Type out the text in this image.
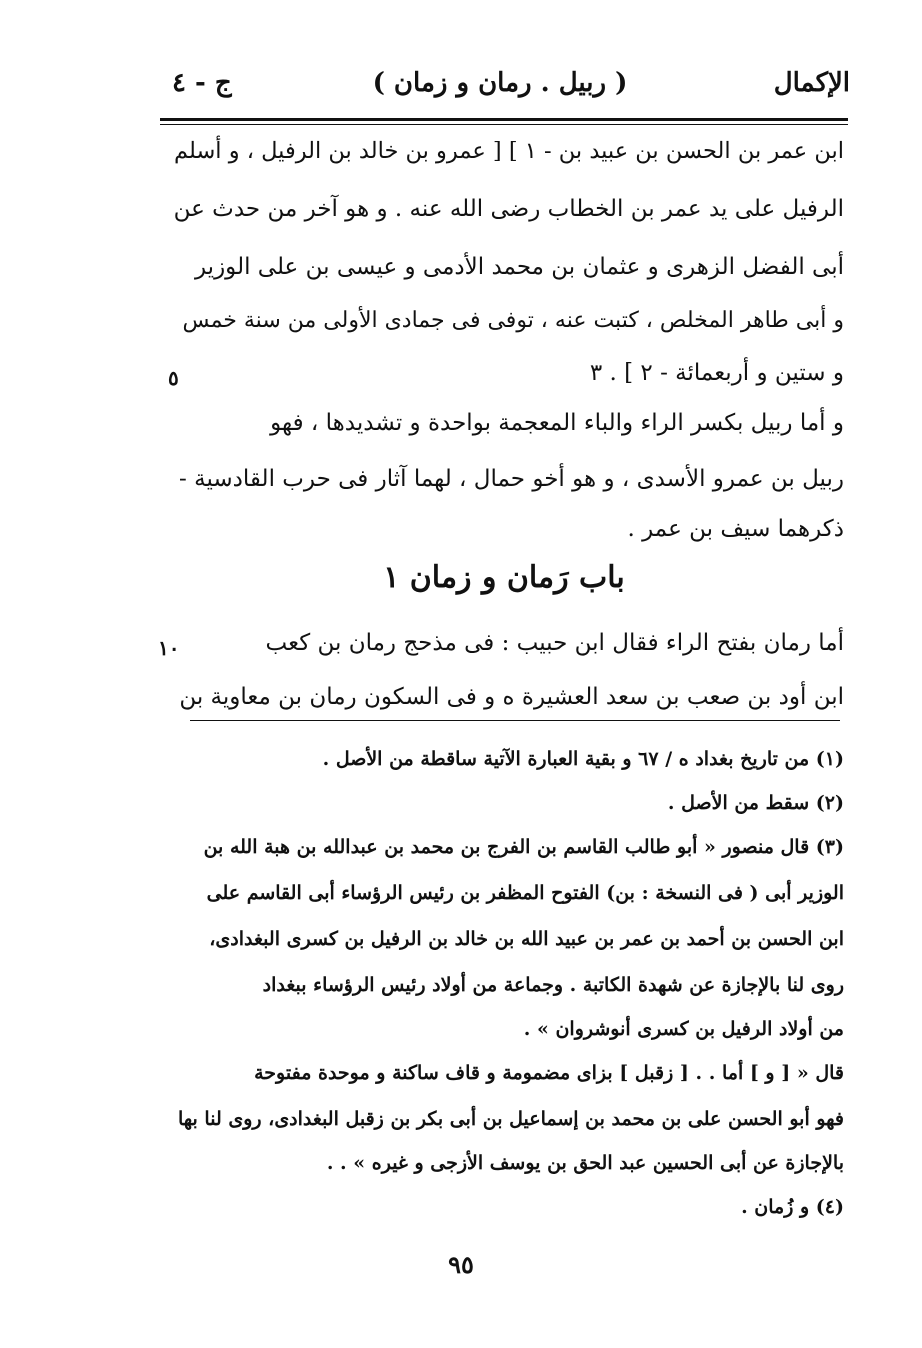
الإكمال
( ربيل . رمان و زمان )
ج - ٤
ابن عمر بن الحسن بن عبيد بن - ١ ] [ عمرو بن خالد بن الرفيل ، و أسلم
الرفيل على يد عمر بن الخطاب رضى الله عنه . و هو آخر من حدث عن
أبى الفضل الزهرى و عثمان بن محمد الأدمى و عيسى بن على الوزير
و أبى طاهر المخلص ، كتبت عنه ، توفى فى جمادى الأولى من سنة خمس
و ستين و أربعمائة - ٢ ] . ٣
٥
و أما ربيل بكسر الراء والباء المعجمة بواحدة و تشديدها ، فهو
ربيل بن عمرو الأسدى ، و هو أخو حمال ، لهما آثار فى حرب القادسية -
ذكرهما سيف بن عمر .
باب رَمان و زمان ١
أما رمان بفتح الراء فقال ابن حبيب : فى مذحج رمان بن كعب
١٠
ابن أود بن صعب بن سعد العشيرة ه و فى السكون رمان بن معاوية بن
(١) من تاريخ بغداد ه / ٦٧ و بقية العبارة الآتية ساقطة من الأصل .
(٢) سقط من الأصل .
(٣) قال منصور « أبو طالب القاسم بن الفرج بن محمد بن عبدالله بن هبة الله بن
الوزير أبى ( فى النسخة : بن) الفتوح المظفر بن رئيس الرؤساء أبى القاسم على
ابن الحسن بن أحمد بن عمر بن عبيد الله بن خالد بن الرفيل بن كسرى البغدادى،
روى لنا بالإجازة عن شهدة الكاتبة . وجماعة من أولاد رئيس الرؤساء ببغداد
من أولاد الرفيل بن كسرى أنوشروان » .
قال « [ و ] أما . . [ زقبل ] بزاى مضمومة و قاف ساكنة و موحدة مفتوحة
فهو أبو الحسن على بن محمد بن إسماعيل بن أبى بكر بن زقبل البغدادى، روى لنا بها
بالإجازة عن أبى الحسين عبد الحق بن يوسف الأزجى و غيره » . .
(٤) و زُمان .
٩٥
